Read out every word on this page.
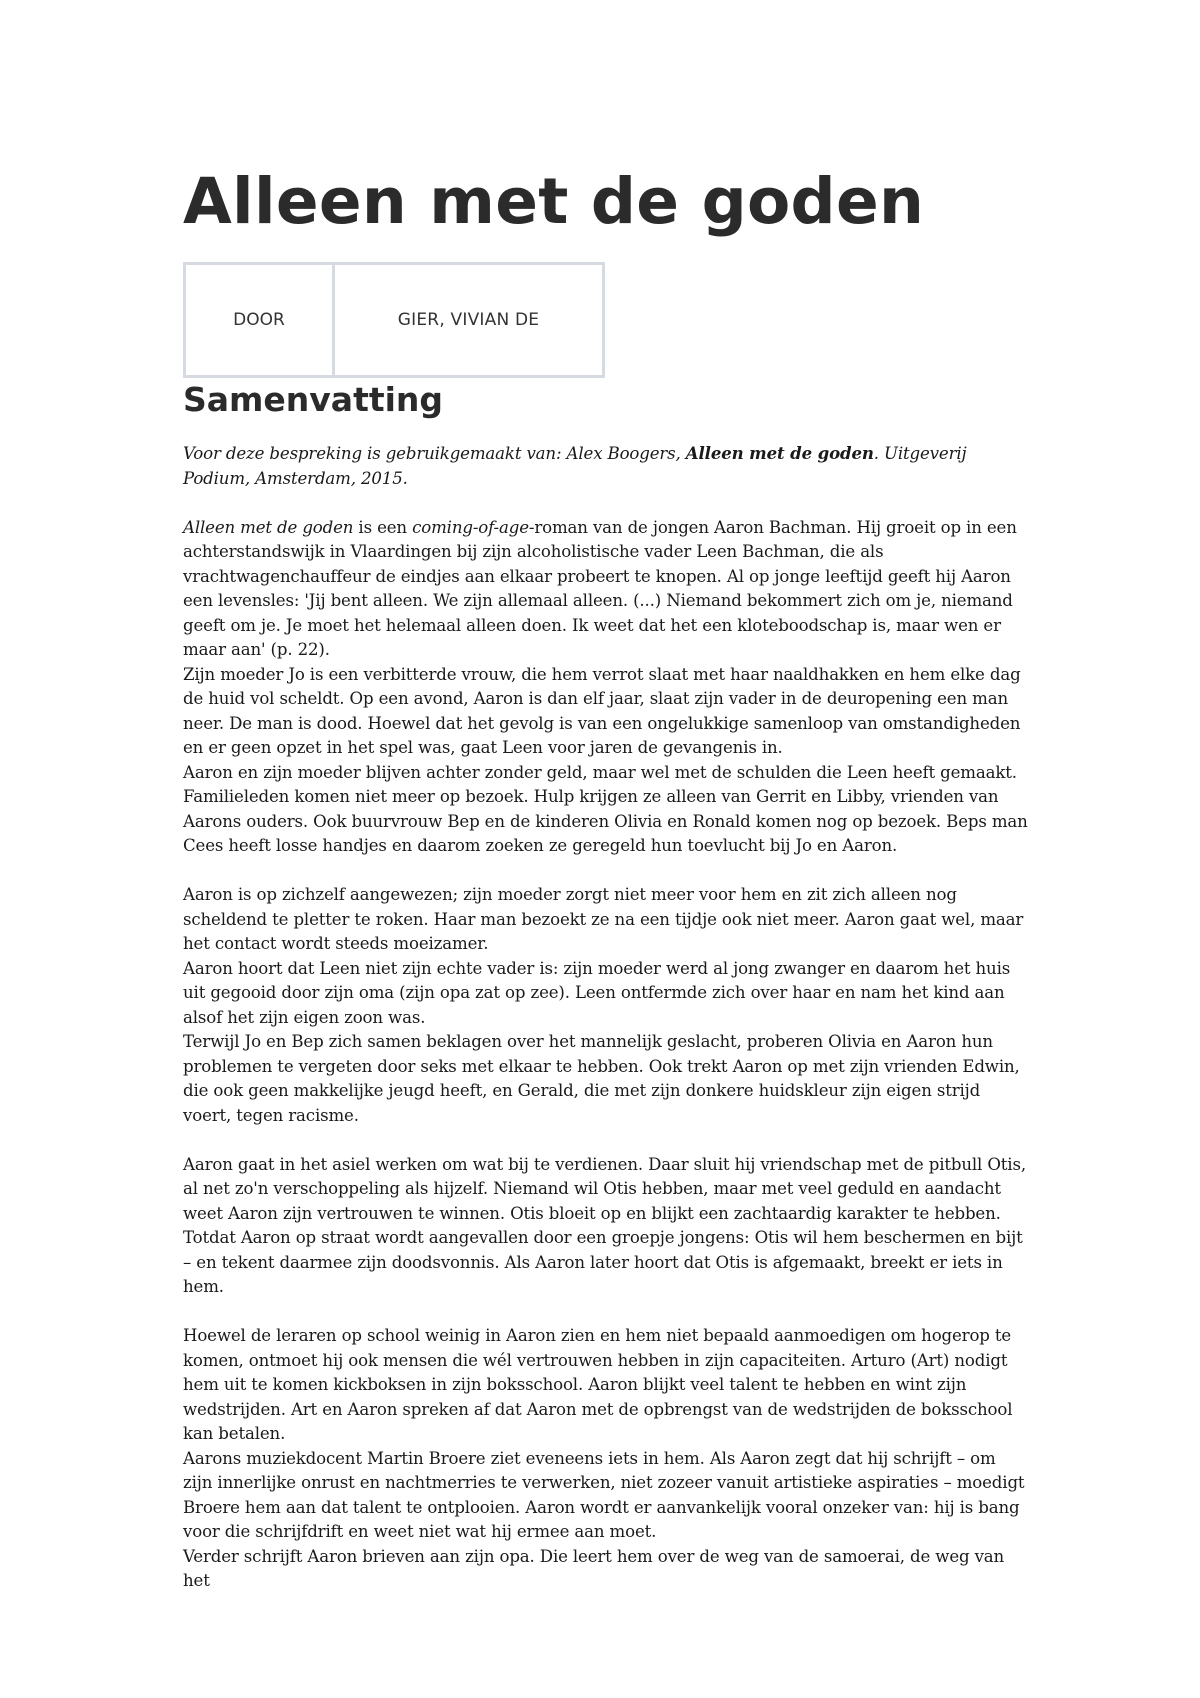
Alleen met de goden
DOOR	GIER, VIVIAN DE
Samenvatting

Voor deze bespreking is gebruikgemaakt van: Alex Boogers, Alleen met de goden. Uitgeverij Podium, Amsterdam, 2015.

Alleen met de goden is een coming-of-age-roman van de jongen Aaron Bachman. Hij groeit op in een achterstandswijk in Vlaardingen bij zijn alcoholistische vader Leen Bachman, die als vrachtwagenchauffeur de eindjes aan elkaar probeert te knopen. Al op jonge leeftijd geeft hij Aaron een levensles: 'Jij bent alleen. We zijn allemaal alleen. (...) Niemand bekommert zich om je, niemand geeft om je. Je moet het helemaal alleen doen. Ik weet dat het een kloteboodschap is, maar wen er maar aan' (p. 22).

Zijn moeder Jo is een verbitterde vrouw, die hem verrot slaat met haar naaldhakken en hem elke dag de huid vol scheldt. Op een avond, Aaron is dan elf jaar, slaat zijn vader in de deuropening een man neer. De man is dood. Hoewel dat het gevolg is van een ongelukkige samenloop van omstandigheden en er geen opzet in het spel was, gaat Leen voor jaren de gevangenis in.

Aaron en zijn moeder blijven achter zonder geld, maar wel met de schulden die Leen heeft gemaakt. Familieleden komen niet meer op bezoek. Hulp krijgen ze alleen van Gerrit en Libby, vrienden van Aarons ouders. Ook buurvrouw Bep en de kinderen Olivia en Ronald komen nog op bezoek. Beps man Cees heeft losse handjes en daarom zoeken ze geregeld hun toevlucht bij Jo en Aaron.

Aaron is op zichzelf aangewezen; zijn moeder zorgt niet meer voor hem en zit zich alleen nog scheldend te pletter te roken. Haar man bezoekt ze na een tijdje ook niet meer. Aaron gaat wel, maar het contact wordt steeds moeizamer.

Aaron hoort dat Leen niet zijn echte vader is: zijn moeder werd al jong zwanger en daarom het huis uit gegooid door zijn oma (zijn opa zat op zee). Leen ontfermde zich over haar en nam het kind aan alsof het zijn eigen zoon was.

Terwijl Jo en Bep zich samen beklagen over het mannelijk geslacht, proberen Olivia en Aaron hun problemen te vergeten door seks met elkaar te hebben. Ook trekt Aaron op met zijn vrienden Edwin, die ook geen makkelijke jeugd heeft, en Gerald, die met zijn donkere huidskleur zijn eigen strijd voert, tegen racisme.

Aaron gaat in het asiel werken om wat bij te verdienen. Daar sluit hij vriendschap met de pitbull Otis, al net zo'n verschoppeling als hijzelf. Niemand wil Otis hebben, maar met veel geduld en aandacht weet Aaron zijn vertrouwen te winnen. Otis bloeit op en blijkt een zachtaardig karakter te hebben. Totdat Aaron op straat wordt aangevallen door een groepje jongens: Otis wil hem beschermen en bijt – en tekent daarmee zijn doodsvonnis. Als Aaron later hoort dat Otis is afgemaakt, breekt er iets in hem.

Hoewel de leraren op school weinig in Aaron zien en hem niet bepaald aanmoedigen om hogerop te komen, ontmoet hij ook mensen die wél vertrouwen hebben in zijn capaciteiten. Arturo (Art) nodigt hem uit te komen kickboksen in zijn boksschool. Aaron blijkt veel talent te hebben en wint zijn wedstrijden. Art en Aaron spreken af dat Aaron met de opbrengst van de wedstrijden de boksschool kan betalen.

Aarons muziekdocent Martin Broere ziet eveneens iets in hem. Als Aaron zegt dat hij schrijft – om zijn innerlijke onrust en nachtmerries te verwerken, niet zozeer vanuit artistieke aspiraties – moedigt Broere hem aan dat talent te ontplooien. Aaron wordt er aanvankelijk vooral onzeker van: hij is bang voor die schrijfdrift en weet niet wat hij ermee aan moet.

Verder schrijft Aaron brieven aan zijn opa. Die leert hem over de weg van de samoerai, de weg van het
